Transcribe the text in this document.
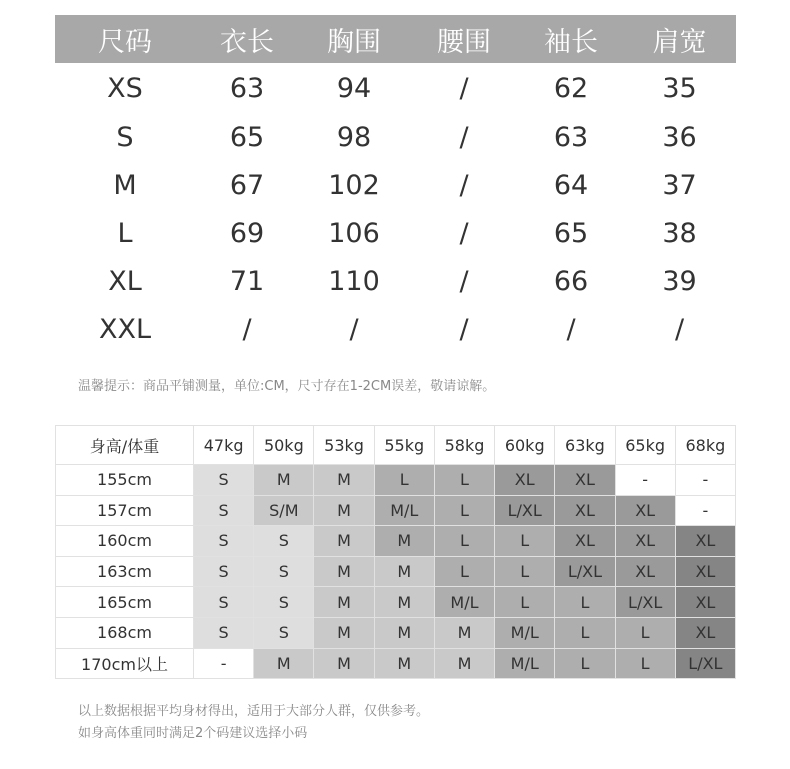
尺码	衣长	胸围	腰围	袖长	肩宽
XS	63	94	/	62	35
S	65	98	/	63	36
M	67	102	/	64	37
L	69	106	/	65	38
XL	71	110	/	66	39
XXL	/	/	/	/	/
温馨提示：商品平铺测量，单位:CM，尺寸存在1-2CM误差，敬请谅解。
身高/体重	47kg	50kg	53kg	55kg	58kg	60kg	63kg	65kg	68kg
155cm	S	M	M	L	L	XL	XL	-	-
157cm	S	S/M	M	M/L	L	L/XL	XL	XL	-
160cm	S	S	M	M	L	L	XL	XL	XL
163cm	S	S	M	M	L	L	L/XL	XL	XL
165cm	S	S	M	M	M/L	L	L	L/XL	XL
168cm	S	S	M	M	M	M/L	L	L	XL
170cm以上	-	M	M	M	M	M/L	L	L	L/XL
以上数据根据平均身材得出，适用于大部分人群，仅供参考。
如身高体重同时满足2个码建议选择小码
